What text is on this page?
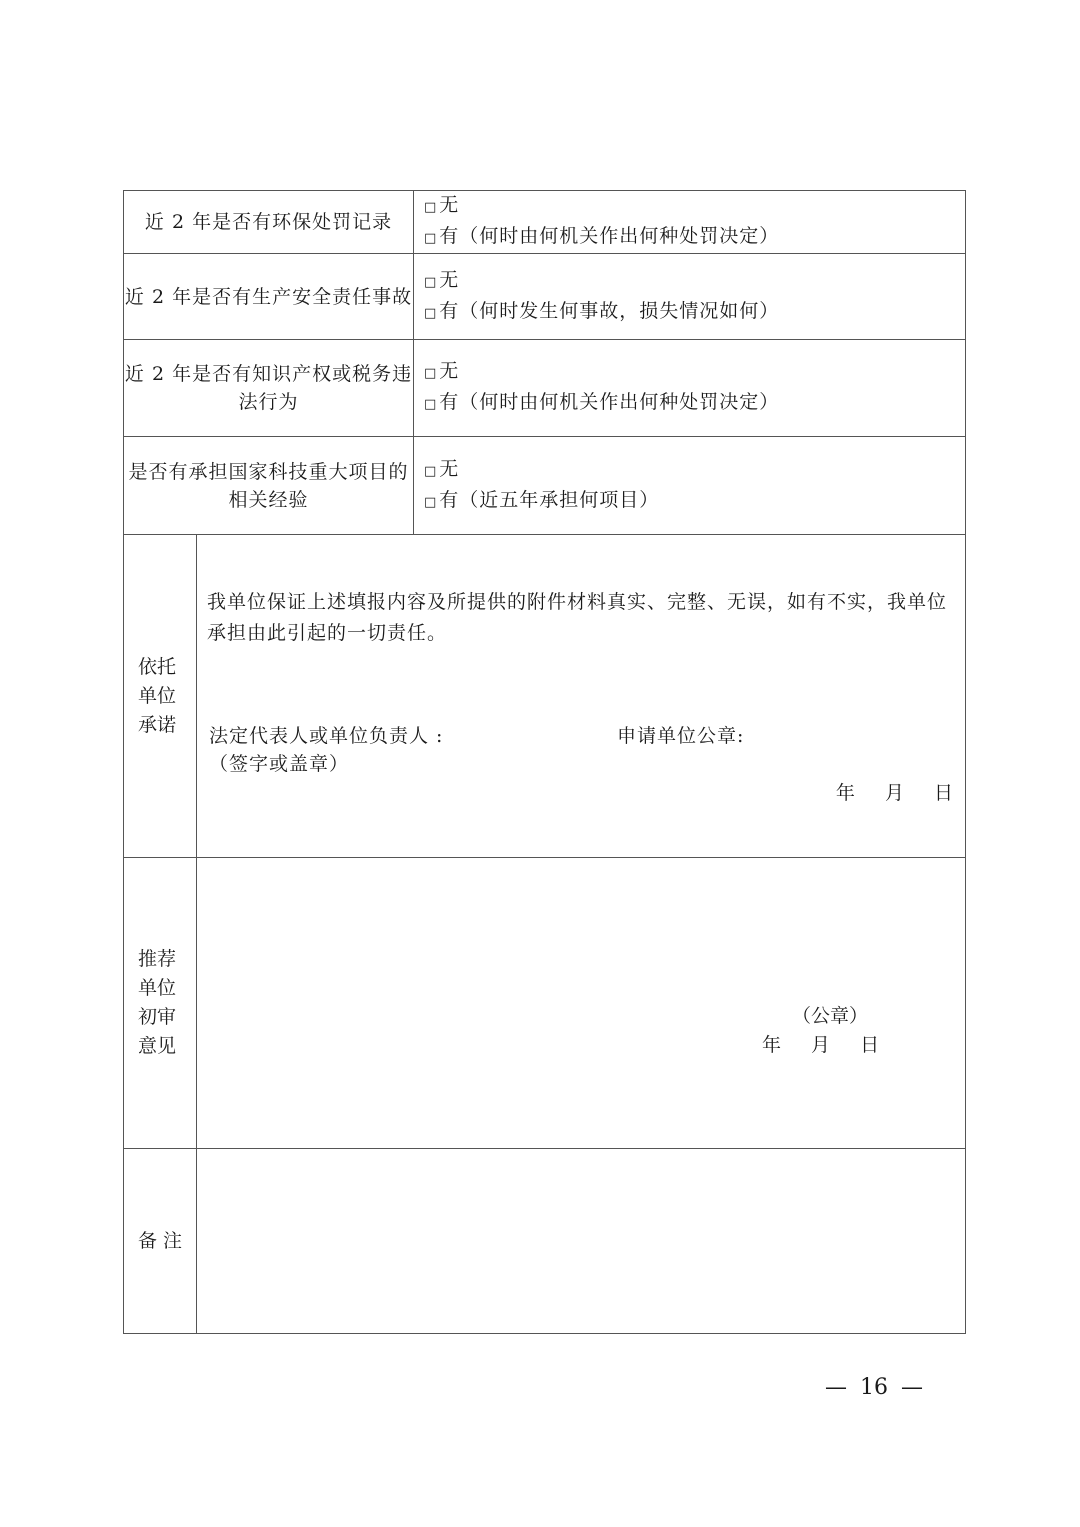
近 2 年是否有环保处罚记录		□ 无
□ 有（何时由何机关作出何种处罚决定）

近 2 年是否有生产安全责任事故		□ 无
□ 有（何时发生何事故，损失情况如何）

近 2 年是否有知识产权或税务违法行为		□ 无
□ 有（何时由何机关作出何种处罚决定）

是否有承担国家科技重大项目的相关经验		□ 无
□ 有（近五年承担何项目）

依托单位承诺	我单位保证上述填报内容及所提供的附件材料真实、完整、无误，如有不实，我单位承担由此引起的一切责任。
法定代表人或单位负责人 :
（签字或盖章）
申请单位公章:
年 月 日	

推荐单位初审意见	（公章）
年 月 日	

备 注		
— 16 —
